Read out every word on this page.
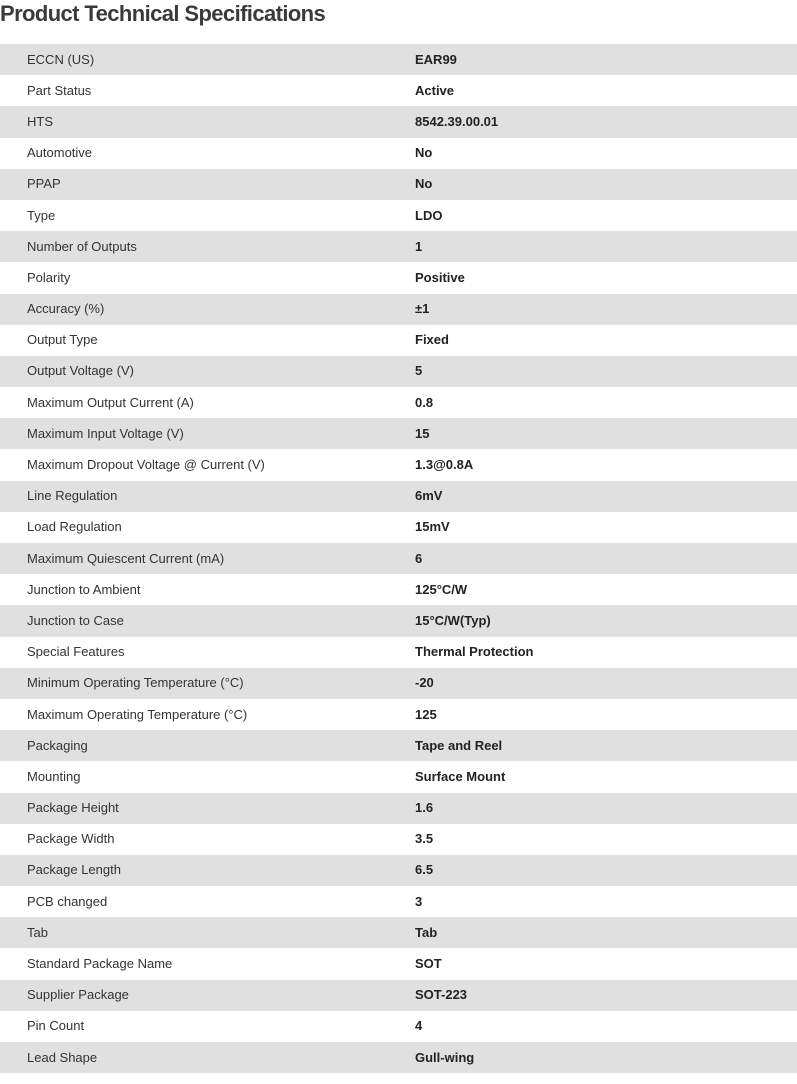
Product Technical Specifications
ECCN (US)	EAR99
Part Status	Active
HTS	8542.39.00.01
Automotive	No
PPAP	No
Type	LDO
Number of Outputs	1
Polarity	Positive
Accuracy (%)	±1
Output Type	Fixed
Output Voltage (V)	5
Maximum Output Current (A)	0.8
Maximum Input Voltage (V)	15
Maximum Dropout Voltage @ Current (V)	1.3@0.8A
Line Regulation	6mV
Load Regulation	15mV
Maximum Quiescent Current (mA)	6
Junction to Ambient	125°C/W
Junction to Case	15°C/W(Typ)
Special Features	Thermal Protection
Minimum Operating Temperature (°C)	-20
Maximum Operating Temperature (°C)	125
Packaging	Tape and Reel
Mounting	Surface Mount
Package Height	1.6
Package Width	3.5
Package Length	6.5
PCB changed	3
Tab	Tab
Standard Package Name	SOT
Supplier Package	SOT-223
Pin Count	4
Lead Shape	Gull-wing
